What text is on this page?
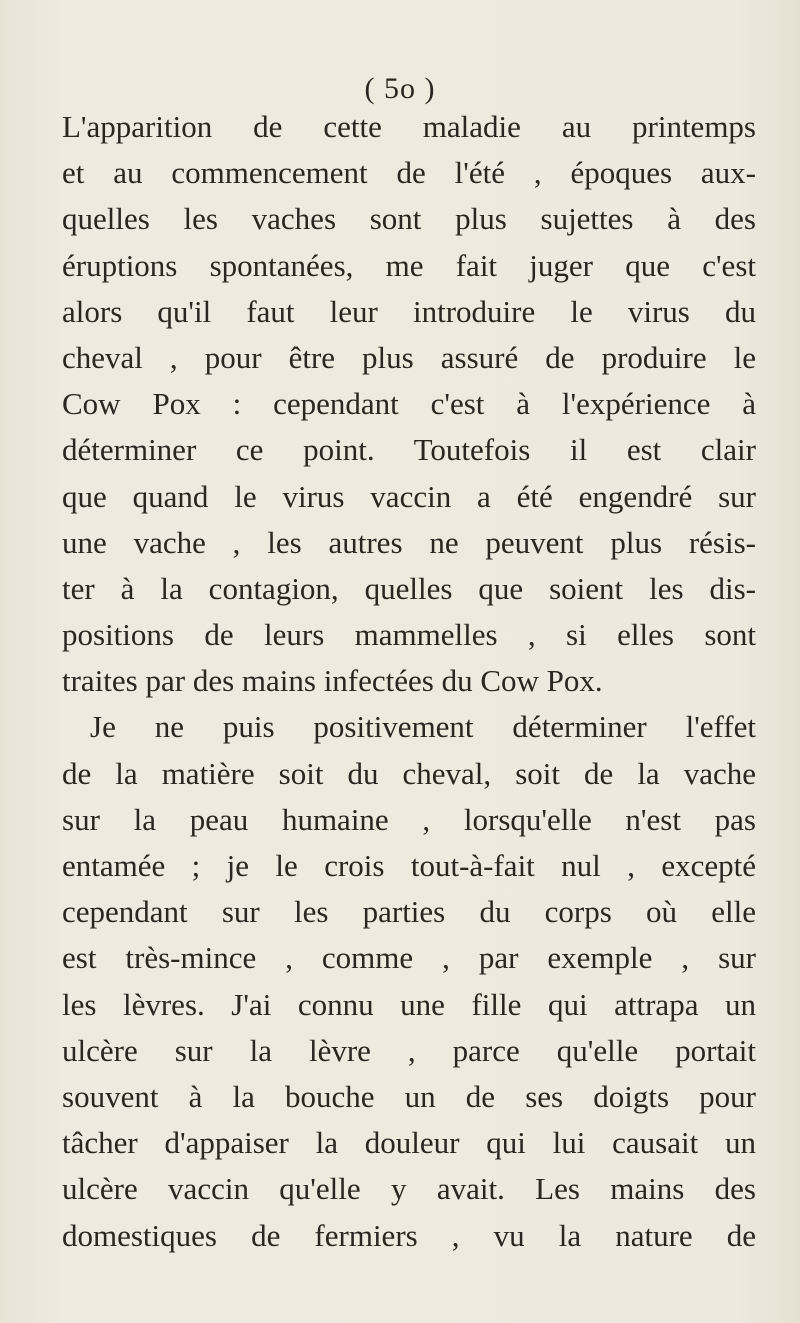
( 5o )
L'apparition de cette maladie au printemps
et au commencement de l'été , époques aux-
quelles les vaches sont plus sujettes à des
éruptions spontanées, me fait juger que c'est
alors qu'il faut leur introduire le virus du
cheval , pour être plus assuré de produire le
Cow Pox : cependant c'est à l'expérience à
déterminer ce point. Toutefois il est clair
que quand le virus vaccin a été engendré sur
une vache , les autres ne peuvent plus résis-
ter à la contagion, quelles que soient les dis-
positions de leurs mammelles , si elles sont
traites par des mains infectées du Cow Pox.
Je ne puis positivement déterminer l'effet
de la matière soit du cheval, soit de la vache
sur la peau humaine , lorsqu'elle n'est pas
entamée ; je le crois tout-à-fait nul , excepté
cependant sur les parties du corps où elle
est très-mince , comme , par exemple , sur
les lèvres. J'ai connu une fille qui attrapa un
ulcère sur la lèvre , parce qu'elle portait
souvent à la bouche un de ses doigts pour
tâcher d'appaiser la douleur qui lui causait un
ulcère vaccin qu'elle y avait. Les mains des
domestiques de fermiers , vu la nature de
